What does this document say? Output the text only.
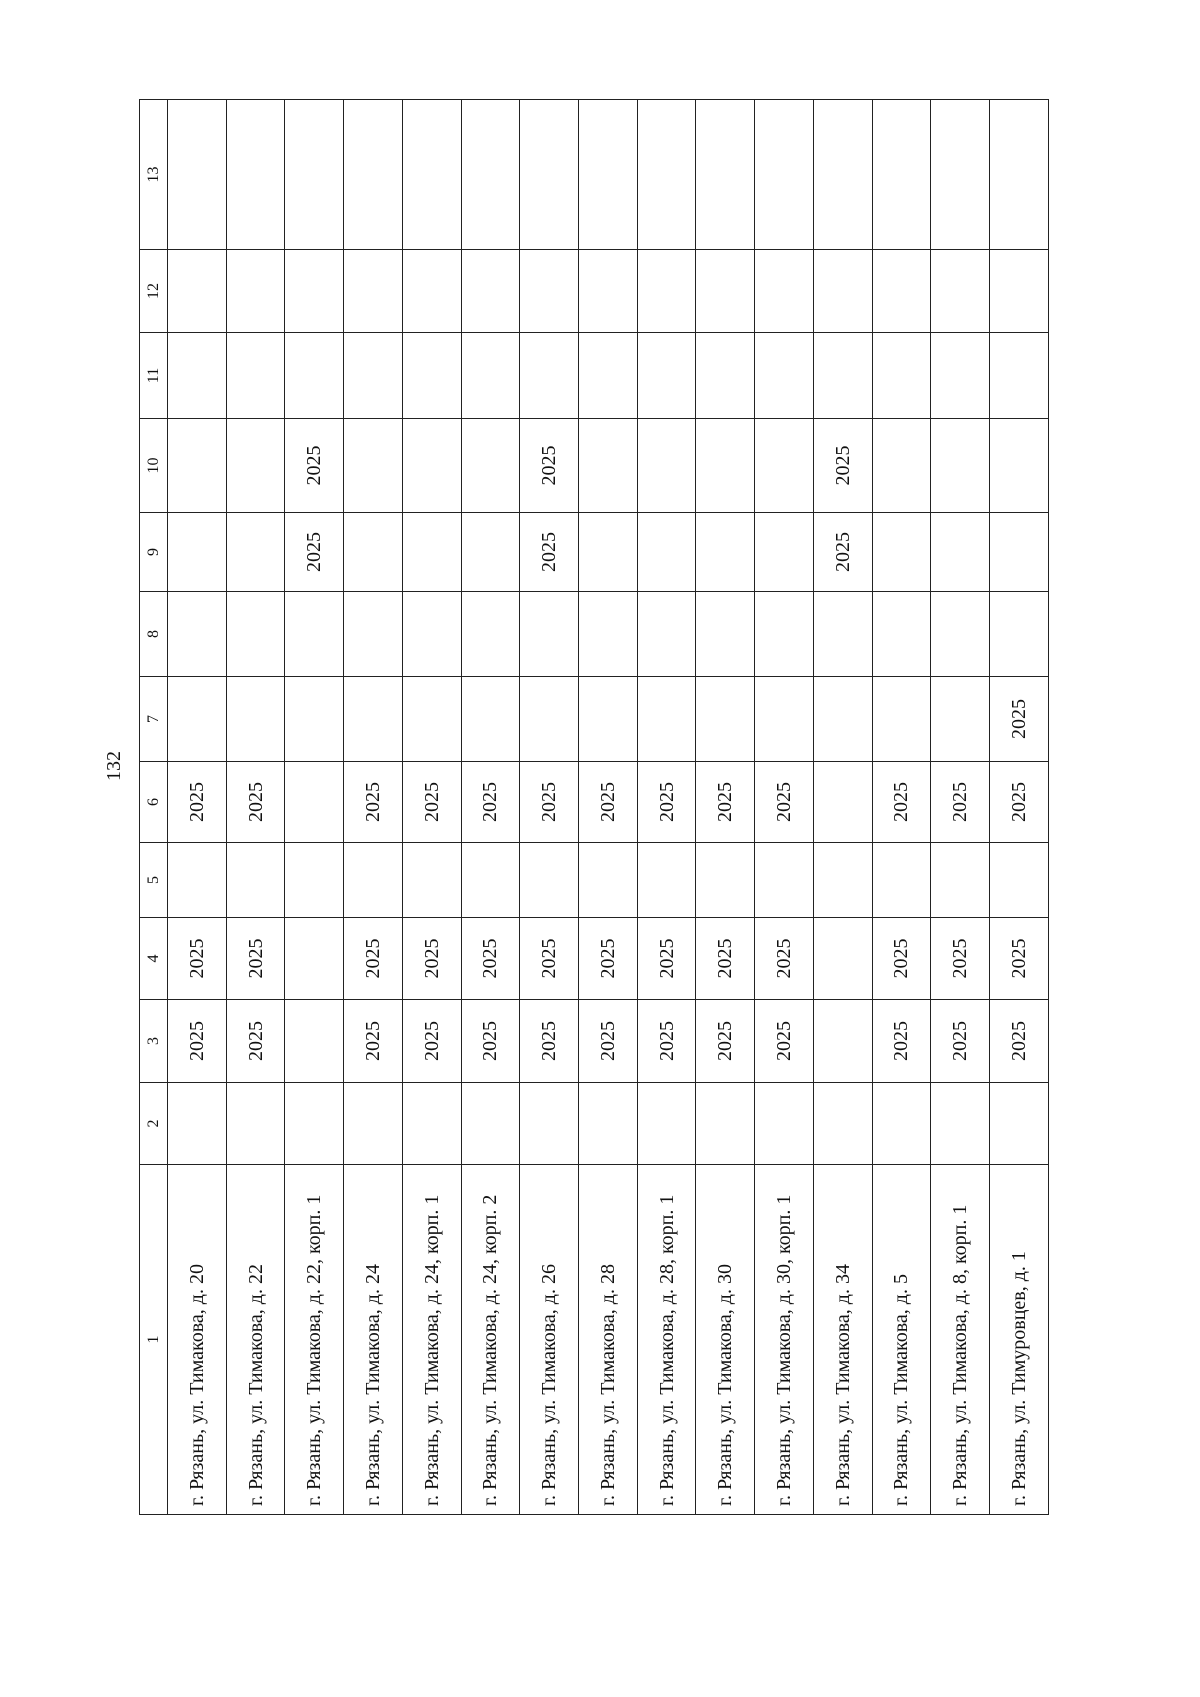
132
1	2	3	4	5	6	7	8	9	10	11	12	13
г. Рязань, ул. Тимакова, д. 20		2025	2025		2025							
г. Рязань, ул. Тимакова, д. 22		2025	2025		2025							
г. Рязань, ул. Тимакова, д. 22, корп. 1								2025	2025			
г. Рязань, ул. Тимакова, д. 24		2025	2025		2025							
г. Рязань, ул. Тимакова, д. 24, корп. 1		2025	2025		2025							
г. Рязань, ул. Тимакова, д. 24, корп. 2		2025	2025		2025							
г. Рязань, ул. Тимакова, д. 26		2025	2025		2025			2025	2025			
г. Рязань, ул. Тимакова, д. 28		2025	2025		2025							
г. Рязань, ул. Тимакова, д. 28, корп. 1		2025	2025		2025							
г. Рязань, ул. Тимакова, д. 30		2025	2025		2025							
г. Рязань, ул. Тимакова, д. 30, корп. 1		2025	2025		2025							
г. Рязань, ул. Тимакова, д. 34								2025	2025			
г. Рязань, ул. Тимакова, д. 5		2025	2025		2025							
г. Рязань, ул. Тимакова, д. 8, корп. 1		2025	2025		2025							
г. Рязань, ул. Тимуровцев, д. 1		2025	2025		2025	2025						
